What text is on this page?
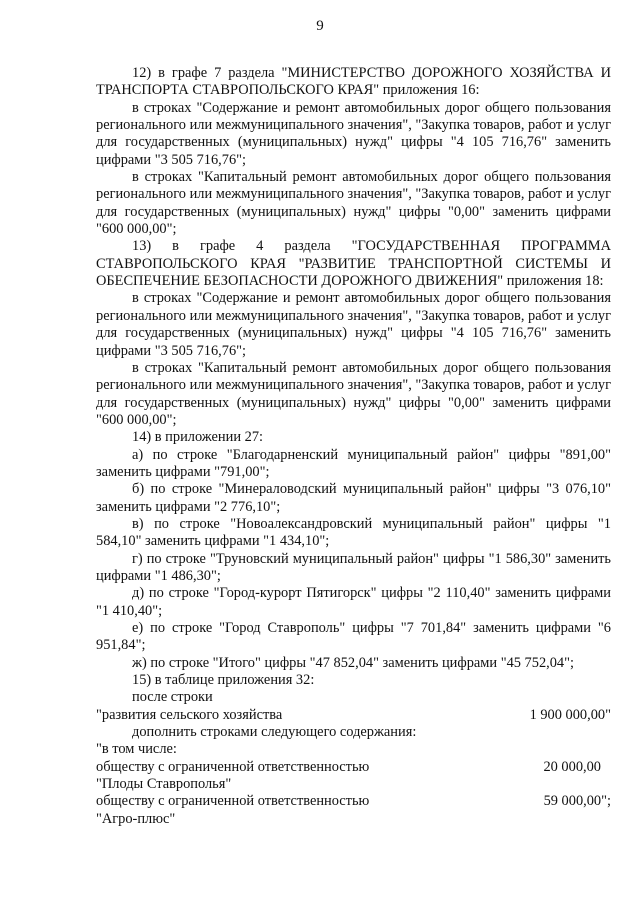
9

12) в графе 7 раздела "МИНИСТЕРСТВО ДОРОЖНОГО ХОЗЯЙСТВА И ТРАНСПОРТА СТАВРОПОЛЬСКОГО КРАЯ" приложения 16:

в строках "Содержание и ремонт автомобильных дорог общего пользования регионального или межмуниципального значения", "Закупка товаров, работ и услуг для государственных (муниципальных) нужд" цифры "4 105 716,76" заменить цифрами "3 505 716,76";

в строках "Капитальный ремонт автомобильных дорог общего пользования регионального или межмуниципального значения", "Закупка товаров, работ и услуг для государственных (муниципальных) нужд" цифры "0,00" заменить цифрами "600 000,00";

13) в графе 4 раздела "ГОСУДАРСТВЕННАЯ ПРОГРАММА СТАВРОПОЛЬСКОГО КРАЯ "РАЗВИТИЕ ТРАНСПОРТНОЙ СИСТЕМЫ И ОБЕСПЕЧЕНИЕ БЕЗОПАСНОСТИ ДОРОЖНОГО ДВИЖЕНИЯ" приложения 18:

в строках "Содержание и ремонт автомобильных дорог общего пользования регионального или межмуниципального значения", "Закупка товаров, работ и услуг для государственных (муниципальных) нужд" цифры "4 105 716,76" заменить цифрами "3 505 716,76";

в строках "Капитальный ремонт автомобильных дорог общего пользования регионального или межмуниципального значения", "Закупка товаров, работ и услуг для государственных (муниципальных) нужд" цифры "0,00" заменить цифрами "600 000,00";

14) в приложении 27:

а) по строке "Благодарненский муниципальный район" цифры "891,00" заменить цифрами "791,00";

б) по строке "Минераловодский муниципальный район" цифры "3 076,10" заменить цифрами "2 776,10";

в) по строке "Новоалександровский муниципальный район" цифры "1 584,10" заменить цифрами "1 434,10";

г) по строке "Труновский муниципальный район" цифры "1 586,30" заменить цифрами "1 486,30";

д) по строке "Город-курорт Пятигорск" цифры "2 110,40" заменить цифрами "1 410,40";

е) по строке "Город Ставрополь" цифры "7 701,84" заменить цифрами "6 951,84";

ж) по строке "Итого" цифры "47 852,04" заменить цифрами "45 752,04";

15) в таблице приложения 32:

после строки

"развития сельского хозяйства	1 900 000,00"

дополнить строками следующего содержания:

"в том числе:

обществу с ограниченной ответственностью	20 000,00

"Плоды Ставрополья"

обществу с ограниченной ответственностью	59 000,00";

"Агро-плюс"
